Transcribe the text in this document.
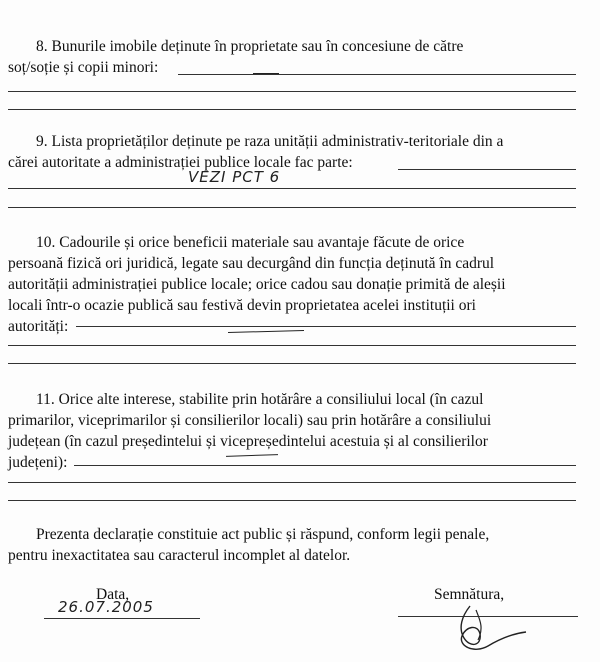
8. Bunurile imobile deținute în proprietate sau în concesiune de către
soț/soție și copii minori:
9. Lista proprietăților deținute pe raza unității administrativ-teritoriale din a
cărei autoritate a administrației publice locale fac parte:
VEZI PCT 6
10. Cadourile și orice beneficii materiale sau avantaje făcute de orice
persoană fizică ori juridică, legate sau decurgând din funcția deținută în cadrul
autorității administrației publice locale; orice cadou sau donație primită de aleșii
locali într-o ocazie publică sau festivă devin proprietatea acelei instituții ori
autorități:
11. Orice alte interese, stabilite prin hotărâre a consiliului local (în cazul
primarilor, viceprimarilor și consilierilor locali) sau prin hotărâre a consiliului
județean (în cazul președintelui și vicepreședintelui acestuia și al consilierilor
județeni):
Prezenta declarație constituie act public și răspund, conform legii penale,
pentru inexactitatea sau caracterul incomplet al datelor.
Data,
26.07.2005
Semnătura,
